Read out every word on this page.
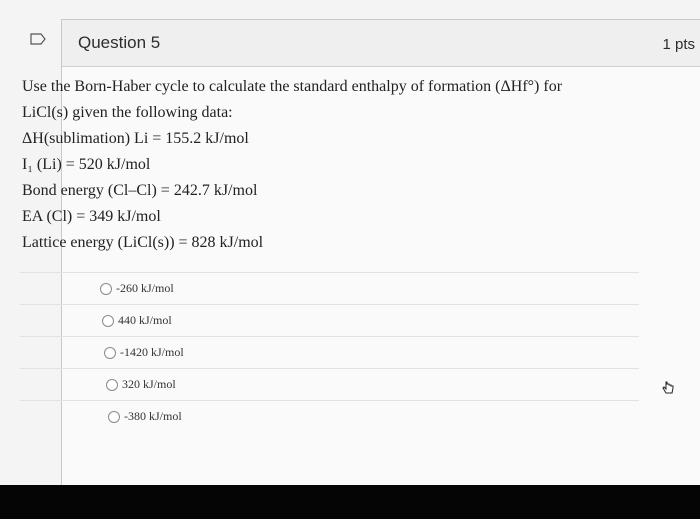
Question 5	1 pts
Use the Born-Haber cycle to calculate the standard enthalpy of formation (ΔHf°) for
LiCl(s) given the following data:
ΔH(sublimation) Li = 155.2 kJ/mol
I₁ (Li) = 520 kJ/mol
Bond energy (Cl–Cl) = 242.7 kJ/mol
EA (Cl) = 349 kJ/mol
Lattice energy (LiCl(s)) = 828 kJ/mol
-260 kJ/mol
440 kJ/mol
-1420 kJ/mol
320 kJ/mol
-380 kJ/mol
